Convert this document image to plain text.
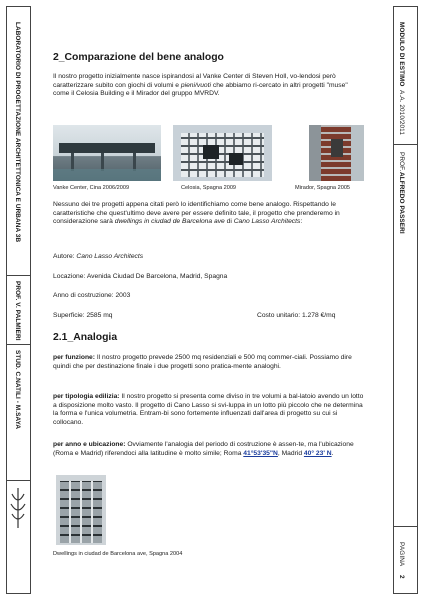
LABORATORIO DI PROGETTAZIONE ARCHITETTONICA E URBANA 3B
PROF. V. PALMIERI
STUD. C.NATILI - M.SAYA
MODULO DI ESTIMO
A.A. 2010/2011
PROF.
ALFREDO PASSERI
PAGINA
2
2_Comparazione del bene analogo

Il nostro progetto inizialmente nasce ispirandosi al Vanke Center di Steven Holl, vo-lendosi però caratterizzare subito con giochi di volumi e pieni/vuoti che abbiamo ri-cercato in altri progetti "muse" come il Celosia Building e il Mirador del gruppo MVRDV.

Vanke Center, Cina 2006/2009	Celosia, Spagna 2009	Mirador, Spagna 2005

Nessuno dei tre progetti appena citati però lo identifichiamo come bene analogo. Rispettando le caratteristiche che quest'ultimo deve avere per essere definito tale, il progetto che prenderemo in considerazione sarà dwellings in ciudad de Barcelona ave di Cano Lasso Architects:

Autore: Cano Lasso Architects

Locazione: Avenida Ciudad De Barcelona, Madrid, Spagna

Anno di costruzione: 2003

Superficie: 2585 mq	Costo unitario: 1.278 €/mq

2.1_Analogia

per funzione: Il nostro progetto prevede 2500 mq residenziali e 500 mq commer-ciali. Possiamo dire quindi che per destinazione finale i due progetti sono pratica-mente analoghi.

per tipologia edilizia: Il nostro progetto si presenta come diviso in tre volumi a bal-latoio avendo un lotto a disposizione molto vasto. Il progetto di Cano Lasso si svi-luppa in un lotto più piccolo che ne determina la forma e l'unica volumetria. Entram-bi sono fortemente influenzati dall'area di progetto su cui si collocano.

per anno e ubicazione: Ovviamente l'analogia del periodo di costruzione è assen-te, ma l'ubicazione (Roma e Madrid) riferendoci alla latitudine è molto simile; Roma 41°53'35"N, Madrid 40° 23' N.

Dwellings in ciudad de Barcelona ave, Spagna 2004
